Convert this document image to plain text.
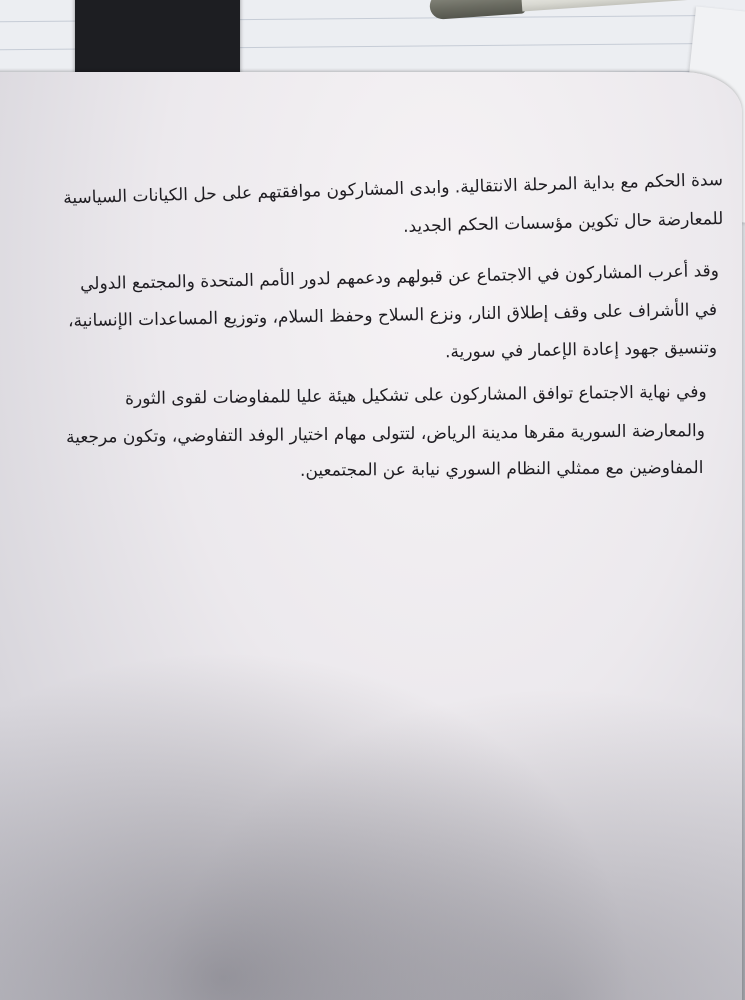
سدة الحكم مع بداية المرحلة الانتقالية. وابدى المشاركون موافقتهم على حل الكيانات السياسية
للمعارضة حال تكوين مؤسسات الحكم الجديد.
وقد أعرب المشاركون في الاجتماع عن قبولهم ودعمهم لدور الأمم المتحدة والمجتمع الدولي
في الأشراف على وقف إطلاق النار، ونزع السلاح وحفظ السلام، وتوزيع المساعدات الإنسانية،
وتنسيق جهود إعادة الإعمار في سورية.
وفي نهاية الاجتماع توافق المشاركون على تشكيل هيئة عليا للمفاوضات لقوى الثورة
والمعارضة السورية مقرها مدينة الرياض، لتتولى مهام اختيار الوفد التفاوضي، وتكون مرجعية
المفاوضين مع ممثلي النظام السوري نيابة عن المجتمعين.
